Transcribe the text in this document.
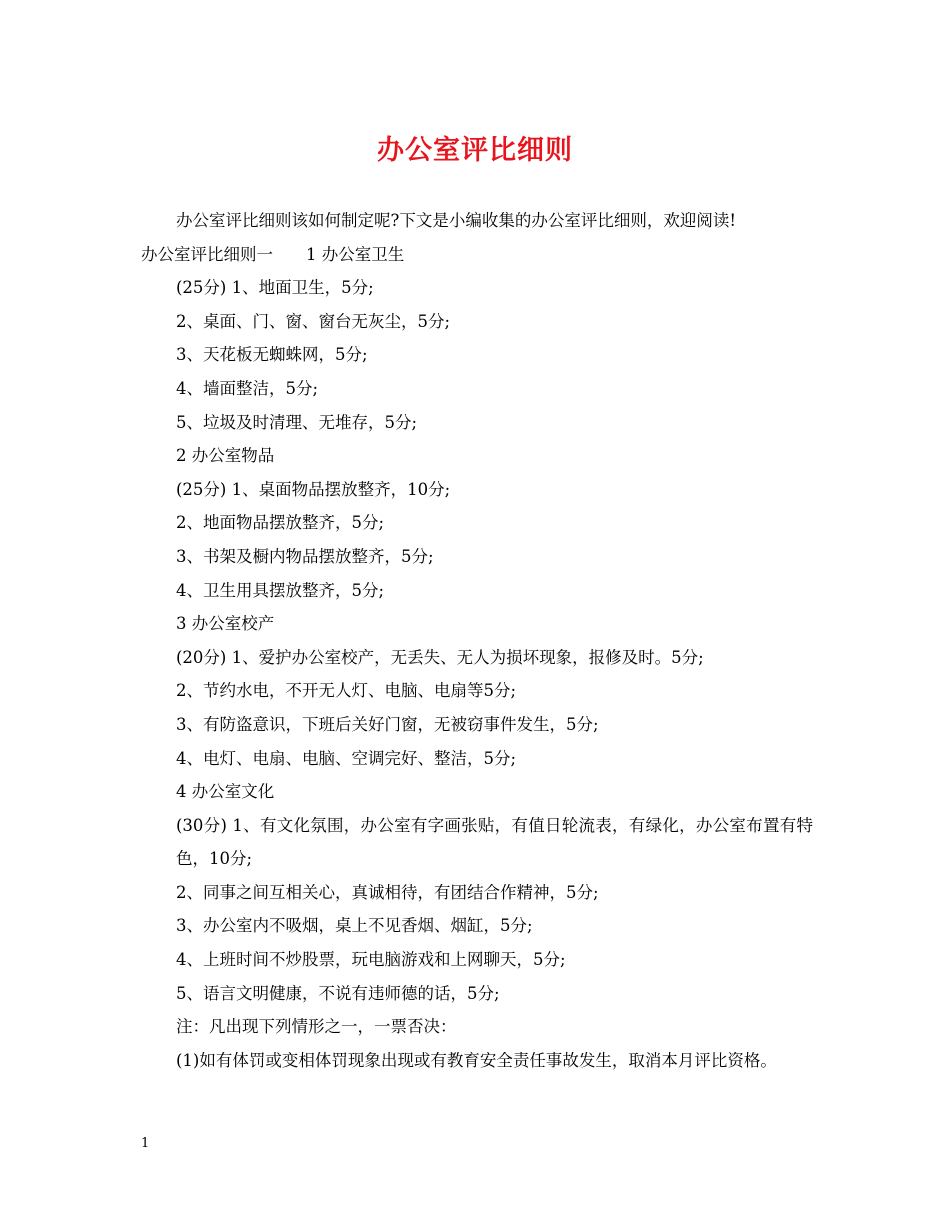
办公室评比细则
办公室评比细则该如何制定呢?下文是小编收集的办公室评比细则，欢迎阅读!
办公室评比细则一　　1 办公室卫生
(25分) 1、地面卫生，5分;
2、桌面、门、窗、窗台无灰尘，5分;
3、天花板无蜘蛛网，5分;
4、墙面整洁，5分;
5、垃圾及时清理、无堆存，5分;
2 办公室物品
(25分) 1、桌面物品摆放整齐，10分;
2、地面物品摆放整齐，5分;
3、书架及橱内物品摆放整齐，5分;
4、卫生用具摆放整齐，5分;
3 办公室校产
(20分) 1、爱护办公室校产，无丢失、无人为损坏现象，报修及时。5分;
2、节约水电，不开无人灯、电脑、电扇等5分;
3、有防盗意识，下班后关好门窗，无被窃事件发生，5分;
4、电灯、电扇、电脑、空调完好、整洁，5分;
4 办公室文化
(30分) 1、有文化氛围，办公室有字画张贴，有值日轮流表，有绿化，办公室布置有特色，10分;
2、同事之间互相关心，真诚相待，有团结合作精神，5分;
3、办公室内不吸烟，桌上不见香烟、烟缸，5分;
4、上班时间不炒股票，玩电脑游戏和上网聊天，5分;
5、语言文明健康，不说有违师德的话，5分;
注：凡出现下列情形之一，一票否决：
(1)如有体罚或变相体罚现象出现或有教育安全责任事故发生，取消本月评比资格。
1
